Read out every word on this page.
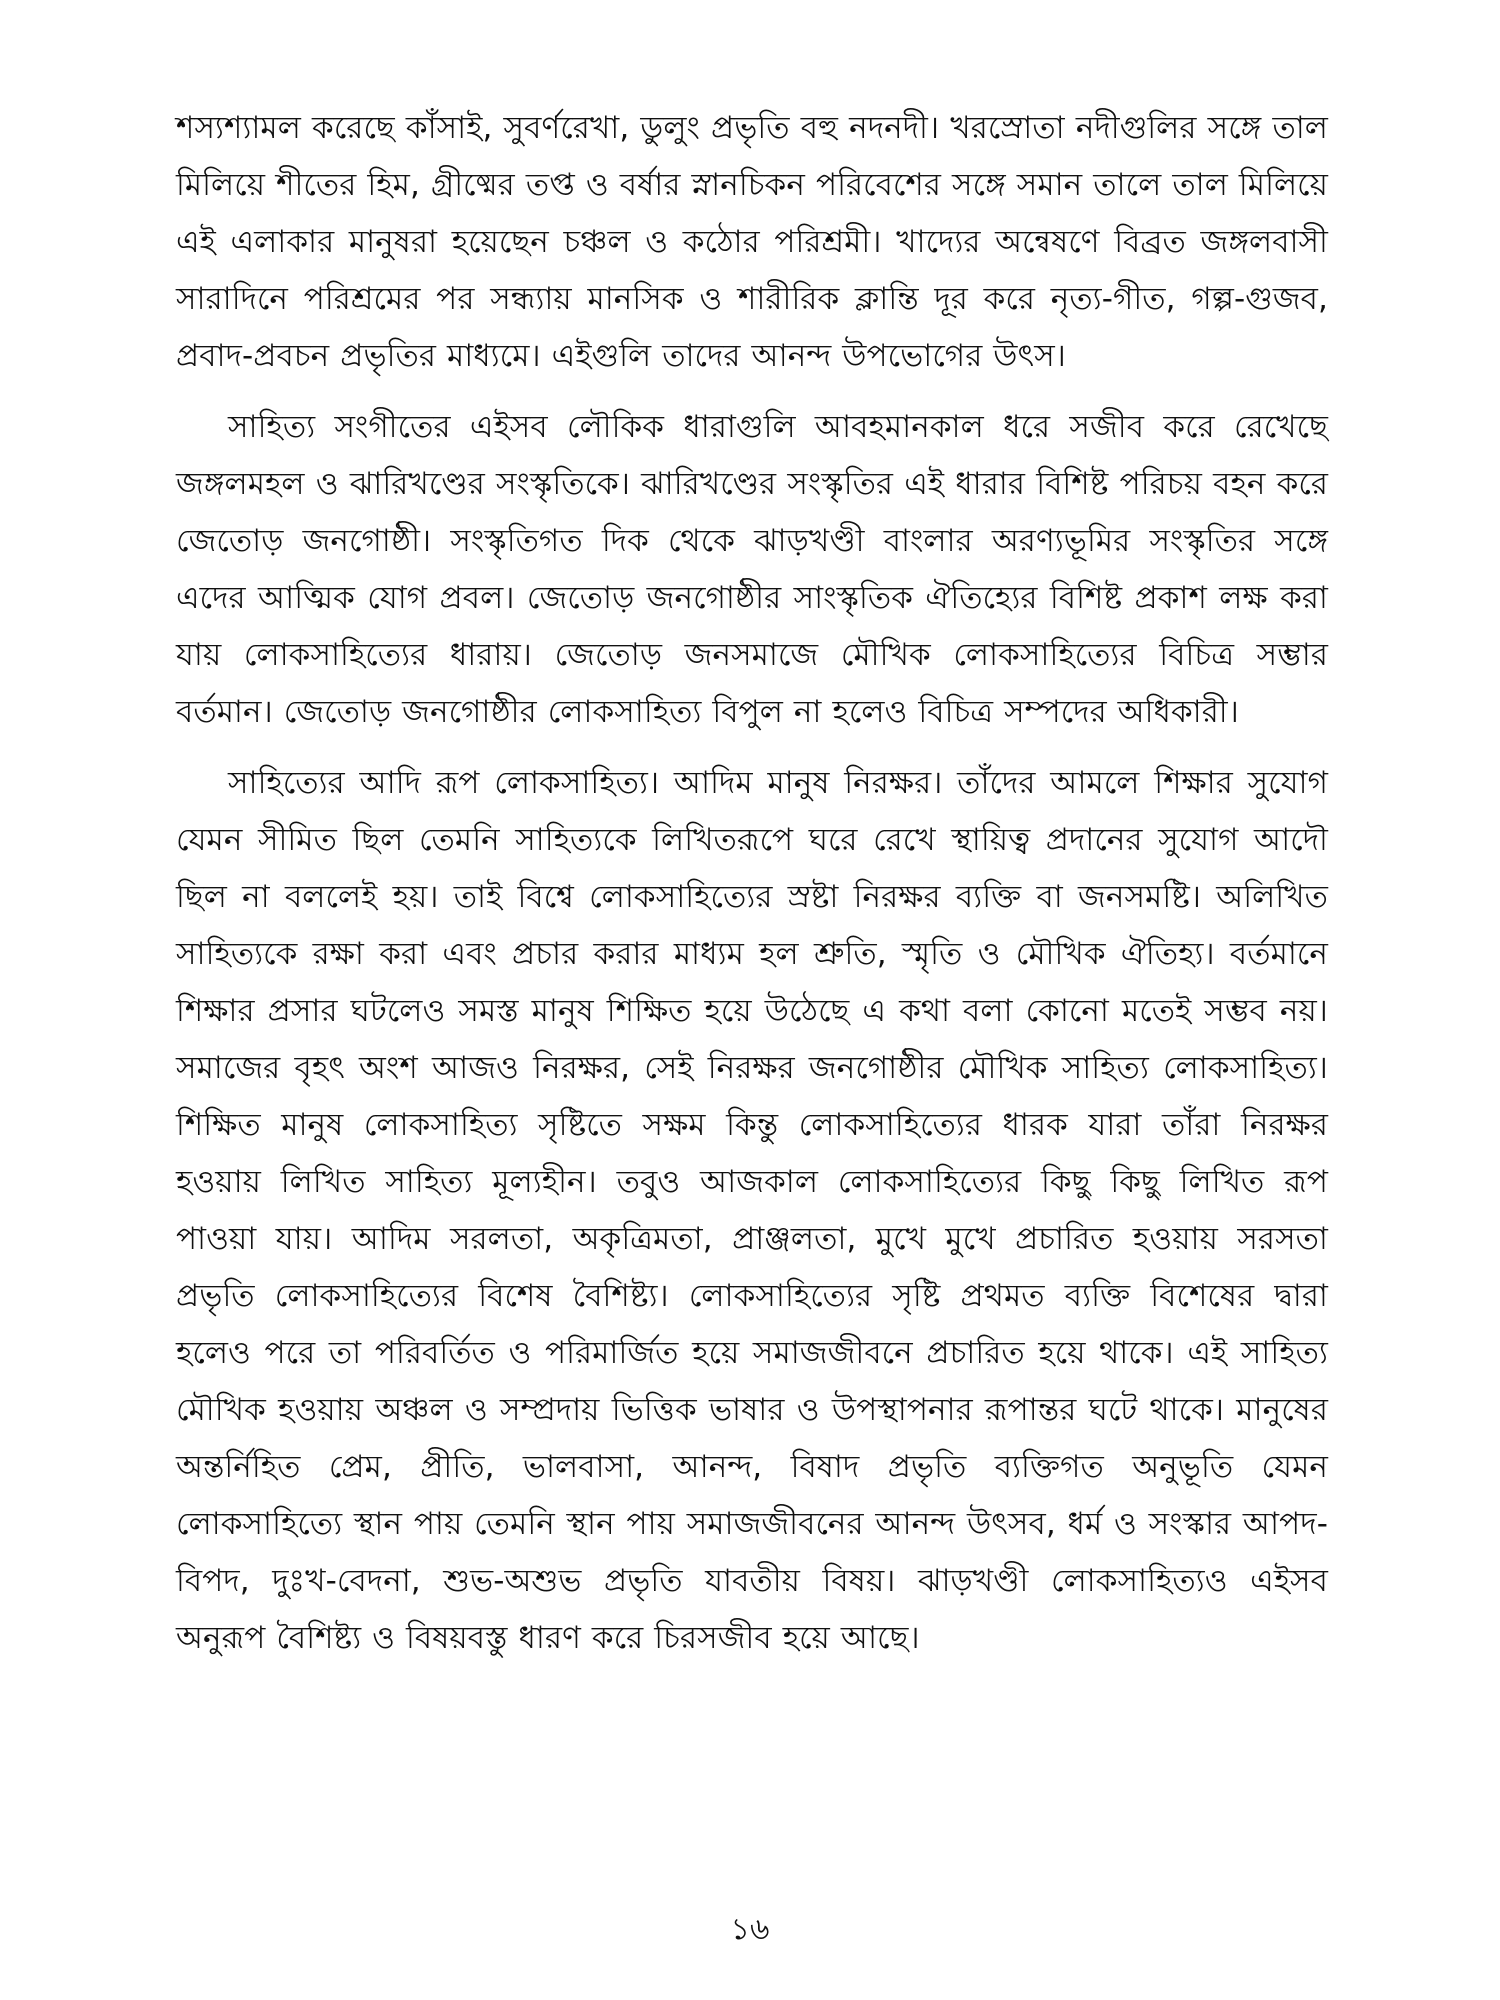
শস্যশ্যামল করেছে কাঁসাই, সুবর্ণরেখা, ডুলুং প্রভৃতি বহু নদনদী। খরস্রোতা নদীগুলির সঙ্গে তাল মিলিয়ে শীতের হিম, গ্রীষ্মের তপ্ত ও বর্ষার স্নানচিকন পরিবেশের সঙ্গে সমান তালে তাল মিলিয়ে এই এলাকার মানুষরা হয়েছেন চঞ্চল ও কঠোর পরিশ্রমী। খাদ্যের অন্বেষণে বিব্রত জঙ্গলবাসী সারাদিনে পরিশ্রমের পর সন্ধ্যায় মানসিক ও শারীরিক ক্লান্তি দূর করে নৃত্য-গীত, গল্প-গুজব, প্রবাদ-প্রবচন প্রভৃতির মাধ্যমে। এইগুলি তাদের আনন্দ উপভোগের উৎস।

সাহিত্য সংগীতের এইসব লৌকিক ধারাগুলি আবহমানকাল ধরে সজীব করে রেখেছে জঙ্গলমহল ও ঝারিখণ্ডের সংস্কৃতিকে। ঝারিখণ্ডের সংস্কৃতির এই ধারার বিশিষ্ট পরিচয় বহন করে জেতোড় জনগোষ্ঠী। সংস্কৃতিগত দিক থেকে ঝাড়খণ্ডী বাংলার অরণ্যভূমির সংস্কৃতির সঙ্গে এদের আত্মিক যোগ প্রবল। জেতোড় জনগোষ্ঠীর সাংস্কৃতিক ঐতিহ্যের বিশিষ্ট প্রকাশ লক্ষ করা যায় লোকসাহিত্যের ধারায়। জেতোড় জনসমাজে মৌখিক লোকসাহিত্যের বিচিত্র সম্ভার বর্তমান। জেতোড় জনগোষ্ঠীর লোকসাহিত্য বিপুল না হলেও বিচিত্র সম্পদের অধিকারী।

সাহিত্যের আদি রূপ লোকসাহিত্য। আদিম মানুষ নিরক্ষর। তাঁদের আমলে শিক্ষার সুযোগ যেমন সীমিত ছিল তেমনি সাহিত্যকে লিখিতরূপে ঘরে রেখে স্থায়িত্ব প্রদানের সুযোগ আদৌ ছিল না বললেই হয়। তাই বিশ্বে লোকসাহিত্যের স্রষ্টা নিরক্ষর ব্যক্তি বা জনসমষ্টি। অলিখিত সাহিত্যকে রক্ষা করা এবং প্রচার করার মাধ্যম হল শ্রুতি, স্মৃতি ও মৌখিক ঐতিহ্য। বর্তমানে শিক্ষার প্রসার ঘটলেও সমস্ত মানুষ শিক্ষিত হয়ে উঠেছে এ কথা বলা কোনো মতেই সম্ভব নয়। সমাজের বৃহৎ অংশ আজও নিরক্ষর, সেই নিরক্ষর জনগোষ্ঠীর মৌখিক সাহিত্য লোকসাহিত্য। শিক্ষিত মানুষ লোকসাহিত্য সৃষ্টিতে সক্ষম কিন্তু লোকসাহিত্যের ধারক যারা তাঁরা নিরক্ষর হওয়ায় লিখিত সাহিত্য মূল্যহীন। তবুও আজকাল লোকসাহিত্যের কিছু কিছু লিখিত রূপ পাওয়া যায়। আদিম সরলতা, অকৃত্রিমতা, প্রাঞ্জলতা, মুখে মুখে প্রচারিত হওয়ায় সরসতা প্রভৃতি লোকসাহিত্যের বিশেষ বৈশিষ্ট্য। লোকসাহিত্যের সৃষ্টি প্রথমত ব্যক্তি বিশেষের দ্বারা হলেও পরে তা পরিবর্তিত ও পরিমার্জিত হয়ে সমাজজীবনে প্রচারিত হয়ে থাকে। এই সাহিত্য মৌখিক হওয়ায় অঞ্চল ও সম্প্রদায় ভিত্তিক ভাষার ও উপস্থাপনার রূপান্তর ঘটে থাকে। মানুষের অন্তর্নিহিত প্রেম, প্রীতি, ভালবাসা, আনন্দ, বিষাদ প্রভৃতি ব্যক্তিগত অনুভূতি যেমন লোকসাহিত্যে স্থান পায় তেমনি স্থান পায় সমাজজীবনের আনন্দ উৎসব, ধর্ম ও সংস্কার আপদ-বিপদ, দুঃখ-বেদনা, শুভ-অশুভ প্রভৃতি যাবতীয় বিষয়। ঝাড়খণ্ডী লোকসাহিত্যও এইসব অনুরূপ বৈশিষ্ট্য ও বিষয়বস্তু ধারণ করে চিরসজীব হয়ে আছে।

১৬
